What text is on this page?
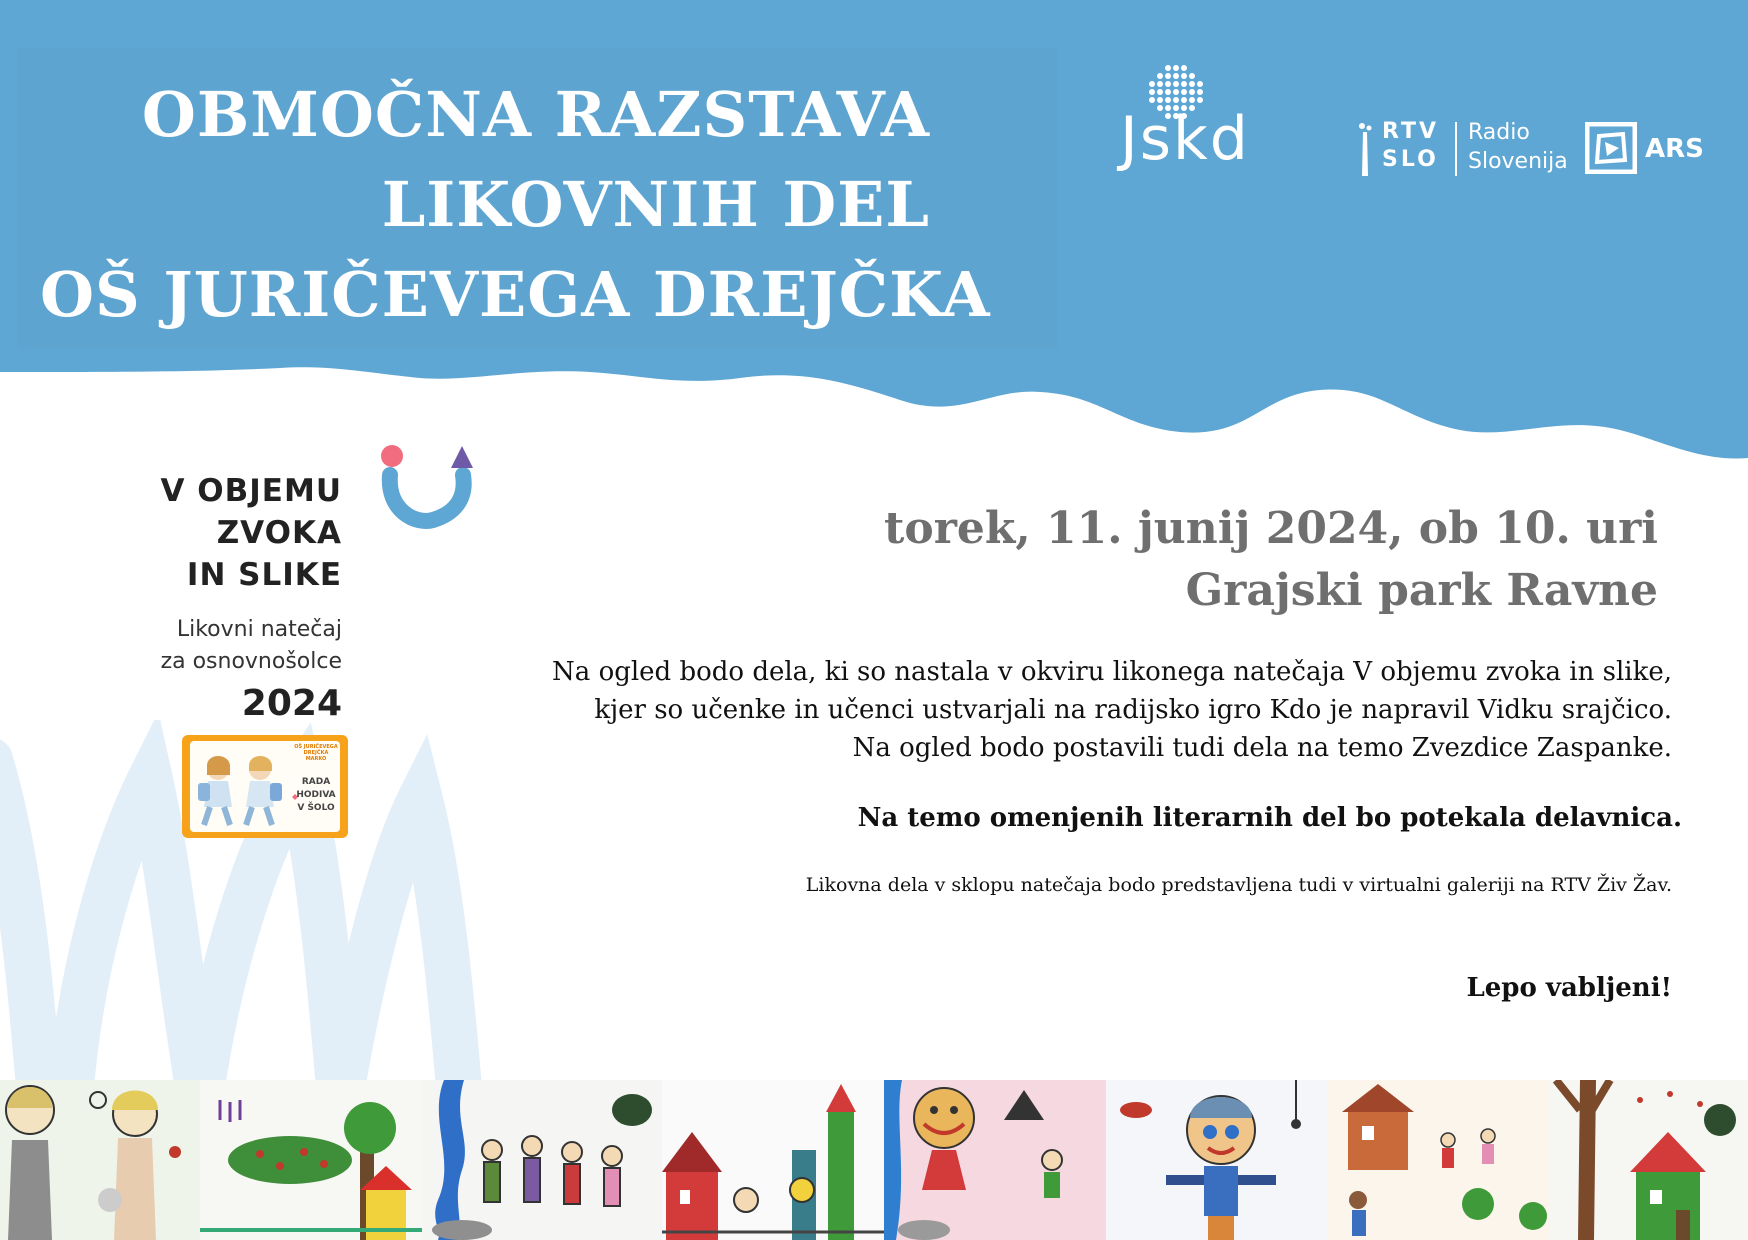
OBMOČNA RAZSTAVA
LIKOVNIH DEL
OŠ JURIČEVEGA DREJČKA
Jskd	RTV
SLO
Radio
Slovenija	ARS
V OBJEMU
ZVOKA
IN SLIKE
Likovni natečaj
za osnovnošolce
2024
OŠ JURIČEVEGA
DREJČKA
MARKO
RADA
HODIVA
V ŠOLO
torek, 11. junij 2024, ob 10. uri
Grajski park Ravne
Na ogled bodo dela, ki so nastala v okviru likonega natečaja V objemu zvoka in slike,
kjer so učenke in učenci ustvarjali na radijsko igro Kdo je napravil Vidku srajčico.
Na ogled bodo postavili tudi dela na temo Zvezdice Zaspanke.
Na temo omenjenih literarnih del bo potekala delavnica.
Likovna dela v sklopu natečaja bodo predstavljena tudi v virtualni galeriji na RTV Živ Žav.
Lepo vabljeni!
